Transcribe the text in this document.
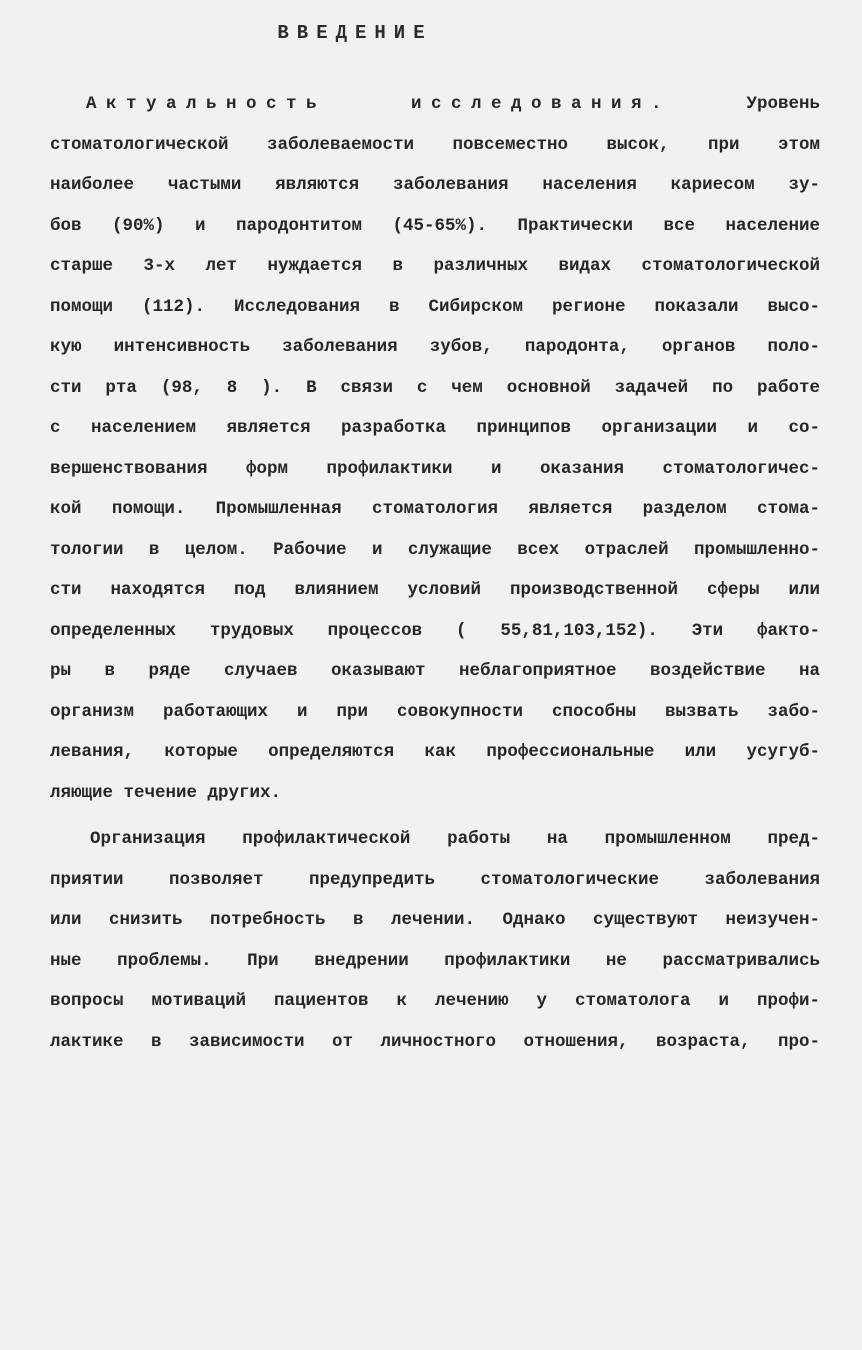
ВВЕДЕНИЕ
Актуальность исследования. Уровень
стоматологической заболеваемости повсеместно высок, при этом
наиболее частыми являются заболевания населения кариесом зу-
бов (90%) и пародонтитом (45-65%). Практически все население
старше 3-х лет нуждается в различных видах стоматологической
помощи (112). Исследования в Сибирском регионе показали высо-
кую интенсивность заболевания зубов, пародонта, органов поло-
сти рта (98, 8 ). В связи с чем основной задачей по работе
с населением является разработка принципов организации и со-
вершенствования форм профилактики и оказания стоматологичес-
кой помощи. Промышленная стоматология является разделом стома-
тологии в целом. Рабочие и служащие всех отраслей промышленно-
сти находятся под влиянием условий производственной сферы или
определенных трудовых процессов ( 55,81,103,152). Эти факто-
ры в ряде случаев оказывают неблагоприятное воздействие на
организм работающих и при совокупности способны вызвать забо-
левания, которые определяются как профессиональные или усугуб-
ляющие течение других.
Организация профилактической работы на промышленном пред-
приятии позволяет предупредить стоматологические заболевания
или снизить потребность в лечении. Однако существуют неизучен-
ные проблемы. При внедрении профилактики не рассматривались
вопросы мотиваций пациентов к лечению у стоматолога и профи-
лактике в зависимости от личностного отношения, возраста, про-
